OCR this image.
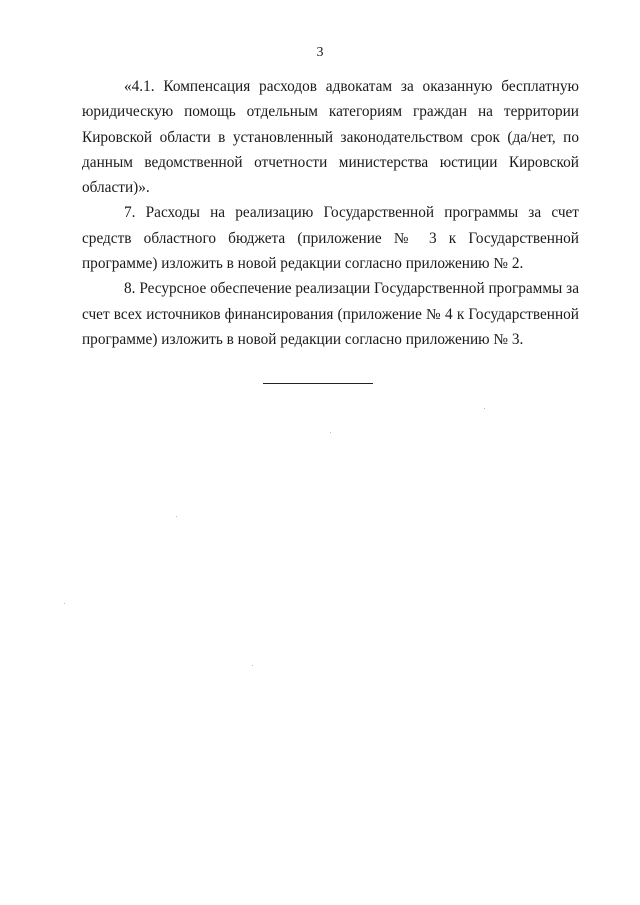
3

«4.1. Компенсация расходов адвокатам за оказанную бесплатную юридическую помощь отдельным категориям граждан на территории Кировской области в установленный законодательством срок (да/нет, по данным ведомственной отчетности министерства юстиции Кировской области)».

7. Расходы на реализацию Государственной программы за счет средств областного бюджета (приложение № 3 к Государственной программе) изложить в новой редакции согласно приложению № 2.

8. Ресурсное обеспечение реализации Государственной программы за счет всех источников финансирования (приложение № 4 к Государственной программе) изложить в новой редакции согласно приложению № 3.
